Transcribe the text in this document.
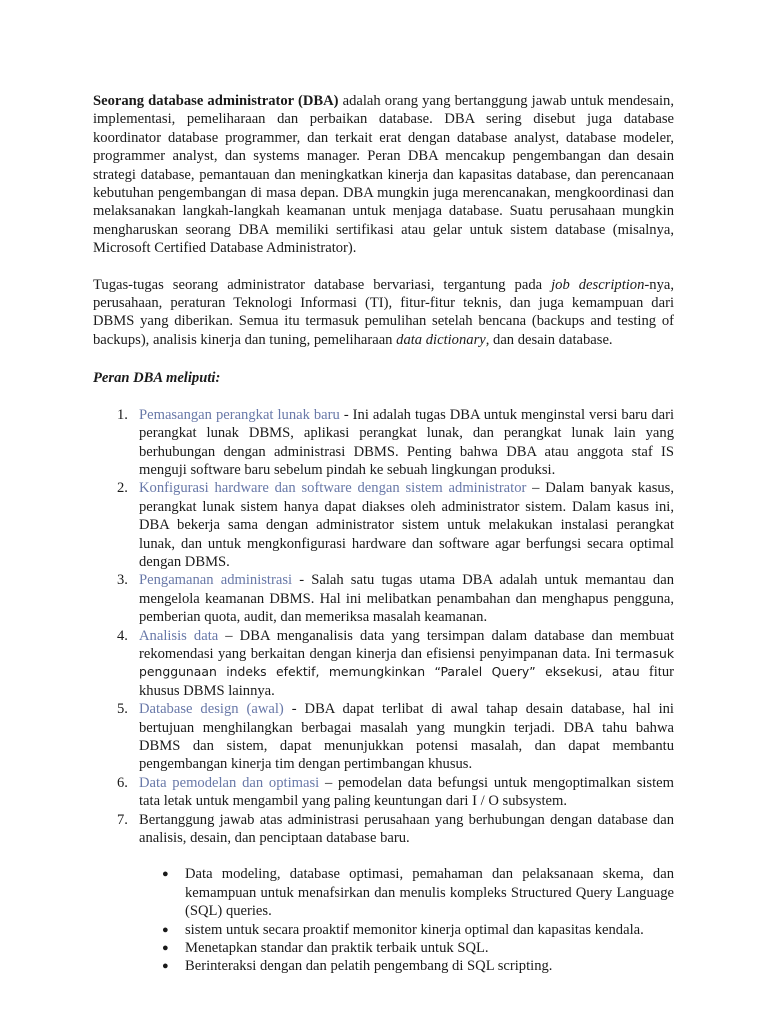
Seorang database administrator (DBA) adalah orang yang bertanggung jawab untuk mendesain, implementasi, pemeliharaan dan perbaikan database. DBA sering disebut juga database koordinator database programmer, dan terkait erat dengan database analyst, database modeler, programmer analyst, dan systems manager. Peran DBA mencakup pengembangan dan desain strategi database, pemantauan dan meningkatkan kinerja dan kapasitas database, dan perencanaan kebutuhan pengembangan di masa depan. DBA mungkin juga merencanakan, mengkoordinasi dan melaksanakan langkah-langkah keamanan untuk menjaga database. Suatu perusahaan mungkin mengharuskan seorang DBA memiliki sertifikasi atau gelar untuk sistem database (misalnya, Microsoft Certified Database Administrator).

Tugas-tugas seorang administrator database bervariasi, tergantung pada job description-nya, perusahaan, peraturan Teknologi Informasi (TI), fitur-fitur teknis, dan juga kemampuan dari DBMS yang diberikan. Semua itu termasuk pemulihan setelah bencana (backups and testing of backups), analisis kinerja dan tuning, pemeliharaan data dictionary, dan desain database.

Peran DBA meliputi:

1. Pemasangan perangkat lunak baru - Ini adalah tugas DBA untuk menginstal versi baru dari perangkat lunak DBMS, aplikasi perangkat lunak, dan perangkat lunak lain yang berhubungan dengan administrasi DBMS. Penting bahwa DBA atau anggota staf IS menguji software baru sebelum pindah ke sebuah lingkungan produksi.
2. Konfigurasi hardware dan software dengan sistem administrator – Dalam banyak kasus, perangkat lunak sistem hanya dapat diakses oleh administrator sistem. Dalam kasus ini, DBA bekerja sama dengan administrator sistem untuk melakukan instalasi perangkat lunak, dan untuk mengkonfigurasi hardware dan software agar berfungsi secara optimal dengan DBMS.
3. Pengamanan administrasi - Salah satu tugas utama DBA adalah untuk memantau dan mengelola keamanan DBMS. Hal ini melibatkan penambahan dan menghapus pengguna, pemberian quota, audit, dan memeriksa masalah keamanan.
4. Analisis data – DBA menganalisis data yang tersimpan dalam database dan membuat rekomendasi yang berkaitan dengan kinerja dan efisiensi penyimpanan data. Ini termasuk penggunaan indeks efektif, memungkinkan “Paralel Query” eksekusi, atau fitur khusus DBMS lainnya.
5. Database design (awal) - DBA dapat terlibat di awal tahap desain database, hal ini bertujuan menghilangkan berbagai masalah yang mungkin terjadi. DBA tahu bahwa DBMS dan sistem, dapat menunjukkan potensi masalah, dan dapat membantu pengembangan kinerja tim dengan pertimbangan khusus.
6. Data pemodelan dan optimasi – pemodelan data befungsi untuk mengoptimalkan sistem tata letak untuk mengambil yang paling keuntungan dari I / O subsystem.
7. Bertanggung jawab atas administrasi perusahaan yang berhubungan dengan database dan analisis, desain, dan penciptaan database baru.
● Data modeling, database optimasi, pemahaman dan pelaksanaan skema, dan kemampuan untuk menafsirkan dan menulis kompleks Structured Query Language (SQL) queries.
● sistem untuk secara proaktif memonitor kinerja optimal dan kapasitas kendala.
● Menetapkan standar dan praktik terbaik untuk SQL.
● Berinteraksi dengan dan pelatih pengembang di SQL scripting.
